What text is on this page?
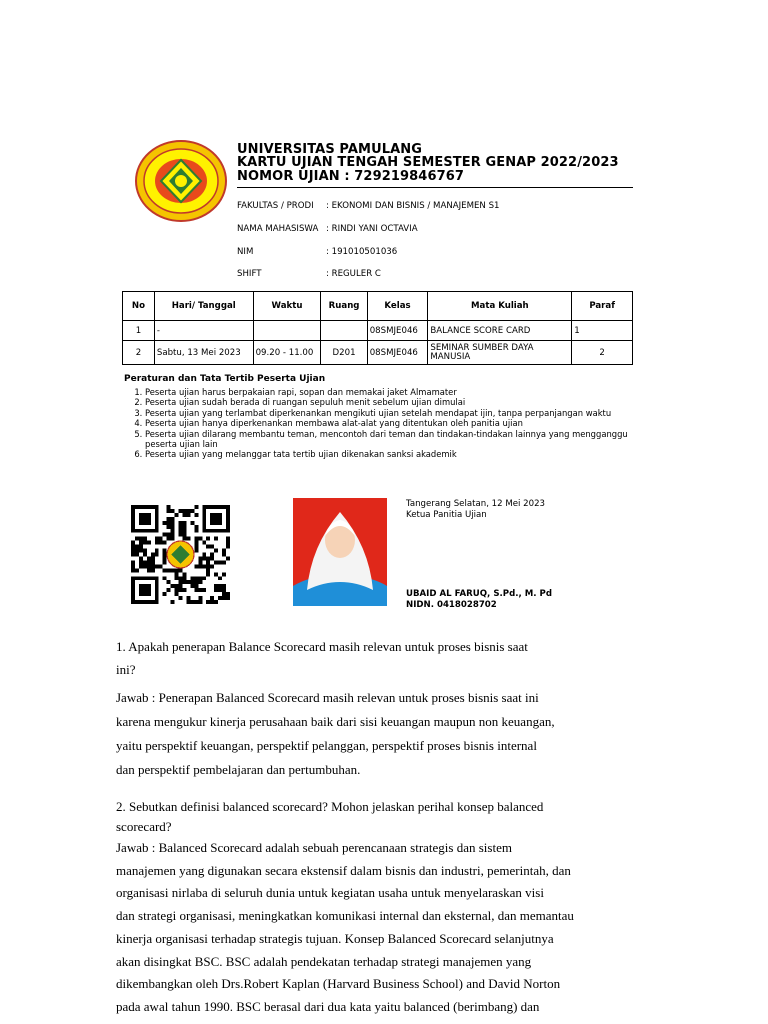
UNIVERSITAS PAMULANG
KARTU UJIAN TENGAH SEMESTER GENAP 2022/2023
NOMOR UJIAN : 729219846767
FAKULTAS / PRODI : EKONOMI DAN BISNIS / MANAJEMEN S1
NAMA MAHASISWA : RINDI YANI OCTAVIA
NIM	: 191010501036
SHIFT	: REGULER C
No	Hari/ Tanggal	Waktu	Ruang	Kelas	Mata Kuliah	Paraf
1	-			08SMJE046	BALANCE SCORE CARD	1
2	Sabtu, 13 Mei 2023	09.20 - 11.00	D201	08SMJE046	SEMINAR SUMBER DAYA MANUSIA	2
Peraturan dan Tata Tertib Peserta Ujian
1. Peserta ujian harus berpakaian rapi, sopan dan memakai jaket Almamater
2. Peserta ujian sudah berada di ruangan sepuluh menit sebelum ujian dimulai
3. Peserta ujian yang terlambat diperkenankan mengikuti ujian setelah mendapat ijin, tanpa perpanjangan waktu
4. Peserta ujian hanya diperkenankan membawa alat-alat yang ditentukan oleh panitia ujian
5. Peserta ujian dilarang membantu teman, mencontoh dari teman dan tindakan-tindakan lainnya yang mengganggu peserta ujian lain
6. Peserta ujian yang melanggar tata tertib ujian dikenakan sanksi akademik
Tangerang Selatan, 12 Mei 2023
Ketua Panitia Ujian
UBAID AL FARUQ, S.Pd., M. Pd
NIDN. 0418028702
1. Apakah penerapan Balance Scorecard masih relevan untuk proses bisnis saat
ini?
Jawab : Penerapan Balanced Scorecard masih relevan untuk proses bisnis saat ini
karena mengukur kinerja perusahaan baik dari sisi keuangan maupun non keuangan,
yaitu perspektif keuangan, perspektif pelanggan, perspektif proses bisnis internal
dan perspektif pembelajaran dan pertumbuhan.
2. Sebutkan definisi balanced scorecard? Mohon jelaskan perihal konsep balanced
scorecard?
Jawab : Balanced Scorecard adalah sebuah perencanaan strategis dan sistem
manajemen yang digunakan secara ekstensif dalam bisnis dan industri, pemerintah, dan
organisasi nirlaba di seluruh dunia untuk kegiatan usaha untuk menyelaraskan visi
dan strategi organisasi, meningkatkan komunikasi internal dan eksternal, dan memantau
kinerja organisasi terhadap strategis tujuan. Konsep Balanced Scorecard selanjutnya
akan disingkat BSC. BSC adalah pendekatan terhadap strategi manajemen yang
dikembangkan oleh Drs.Robert Kaplan (Harvard Business School) and David Norton
pada awal tahun 1990. BSC berasal dari dua kata yaitu balanced (berimbang) dan
